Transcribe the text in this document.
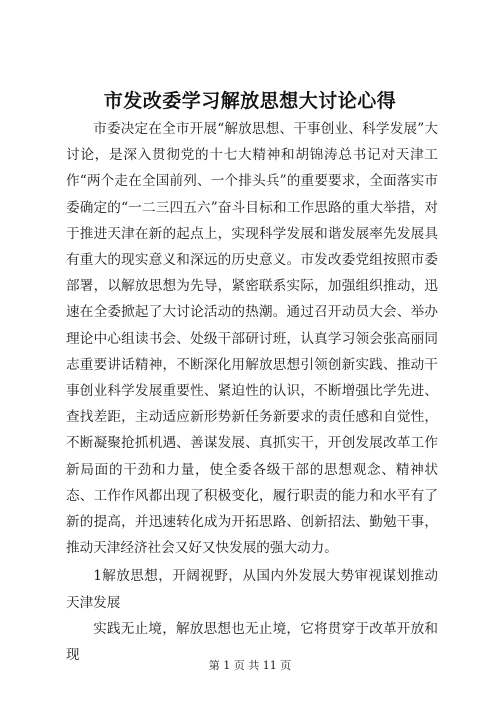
市发改委学习解放思想大讨论心得

市委决定在全市开展“解放思想、干事创业、科学发展”大讨论，是深入贯彻党的十七大精神和胡锦涛总书记对天津工作“两个走在全国前列、一个排头兵”的重要要求，全面落实市委确定的“一二三四五六”奋斗目标和工作思路的重大举措，对于推进天津在新的起点上，实现科学发展和谐发展率先发展具有重大的现实意义和深远的历史意义。市发改委党组按照市委部署，以解放思想为先导，紧密联系实际，加强组织推动，迅速在全委掀起了大讨论活动的热潮。通过召开动员大会、举办理论中心组读书会、处级干部研讨班，认真学习领会张高丽同志重要讲话精神，不断深化用解放思想引领创新实践、推动干事创业科学发展重要性、紧迫性的认识，不断增强比学先进、查找差距，主动适应新形势新任务新要求的责任感和自觉性，不断凝聚抢抓机遇、善谋发展、真抓实干，开创发展改革工作新局面的干劲和力量，使全委各级干部的思想观念、精神状态、工作作风都出现了积极变化，履行职责的能力和水平有了新的提高，并迅速转化成为开拓思路、创新招法、勤勉干事，推动天津经济社会又好又快发展的强大动力。

1解放思想，开阔视野，从国内外发展大势审视谋划推动天津发展

实践无止境，解放思想也无止境，它将贯穿于改革开放和现

第 1 页 共 11 页
